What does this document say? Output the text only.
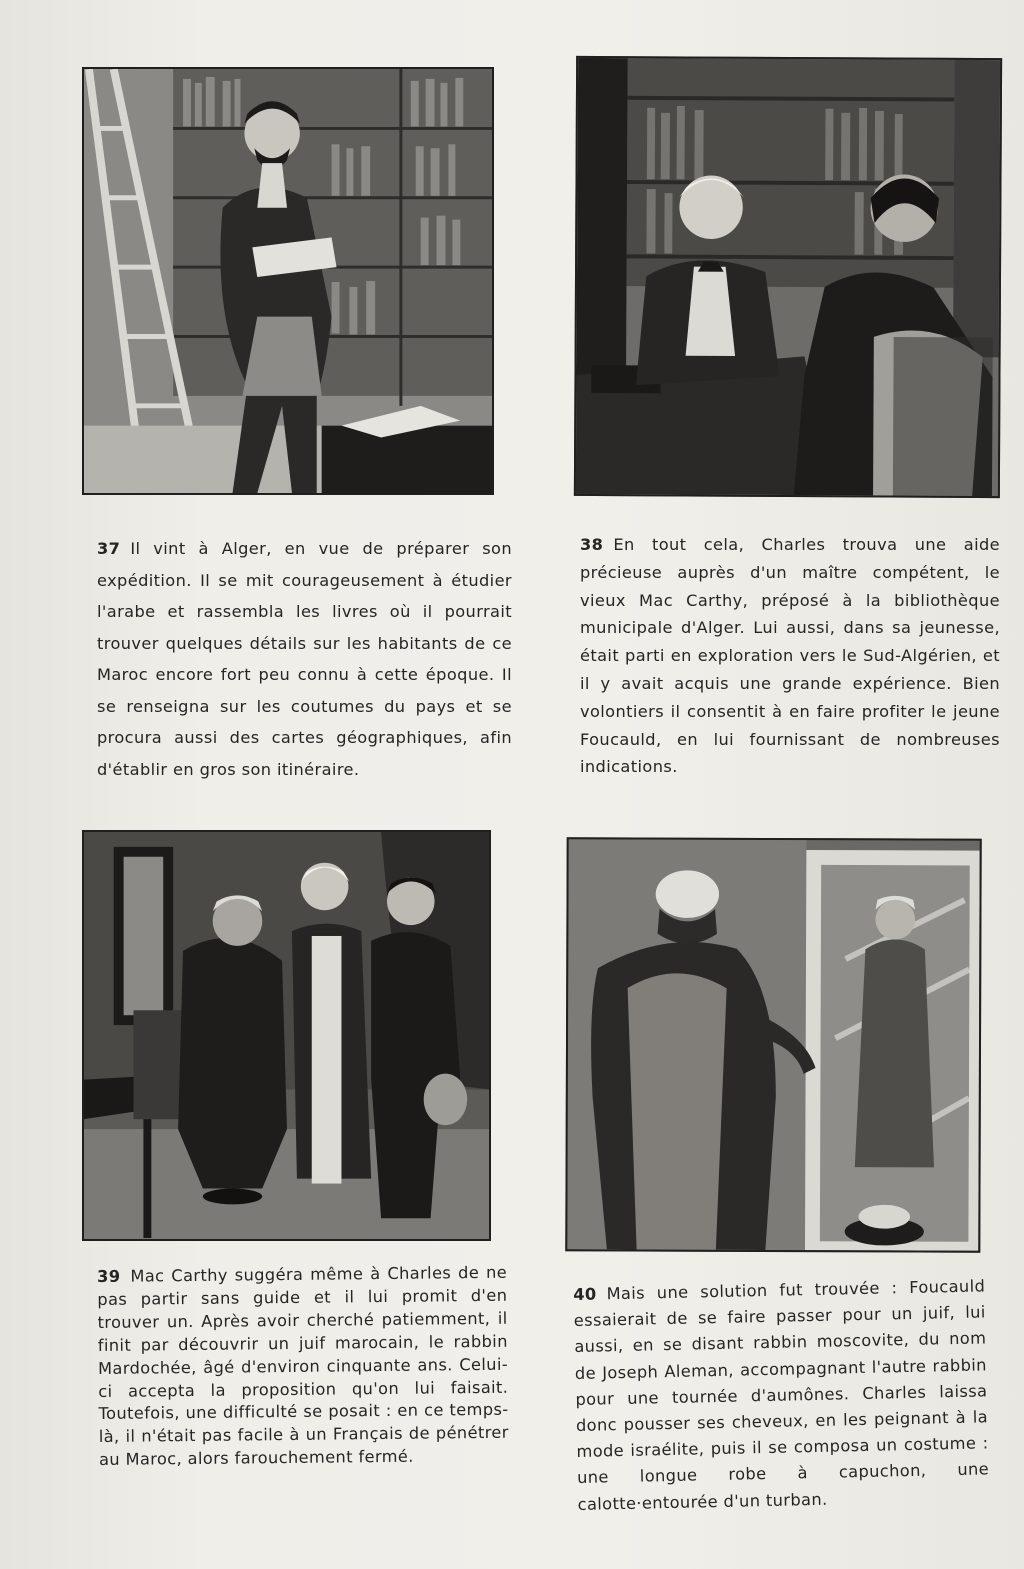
37 Il vint à Alger, en vue de préparer son expédition. Il se mit courageusement à étudier l'arabe et rassembla les livres où il pourrait trouver quelques détails sur les habitants de ce Maroc encore fort peu connu à cette époque. Il se renseigna sur les coutumes du pays et se procura aussi des cartes géographiques, afin d'établir en gros son itinéraire.
38 En tout cela, Charles trouva une aide précieuse auprès d'un maître compétent, le vieux Mac Carthy, préposé à la bibliothèque municipale d'Alger. Lui aussi, dans sa jeunesse, était parti en exploration vers le Sud-Algérien, et il y avait acquis une grande expérience. Bien volontiers il consentit à en faire profiter le jeune Foucauld, en lui fournissant de nombreuses indications.
39 Mac Carthy suggéra même à Charles de ne pas partir sans guide et il lui promit d'en trouver un. Après avoir cherché patiemment, il finit par découvrir un juif marocain, le rabbin Mardochée, âgé d'environ cinquante ans. Celui-ci accepta la proposition qu'on lui faisait. Toutefois, une difficulté se posait : en ce temps-là, il n'était pas facile à un Français de pénétrer au Maroc, alors farouchement fermé.
40 Mais une solution fut trouvée : Foucauld essaierait de se faire passer pour un juif, lui aussi, en se disant rabbin moscovite, du nom de Joseph Aleman, accompagnant l'autre rabbin pour une tournée d'aumônes. Charles laissa donc pousser ses cheveux, en les peignant à la mode israélite, puis il se composa un costume : une longue robe à capuchon, une calotte·entourée d'un turban.
